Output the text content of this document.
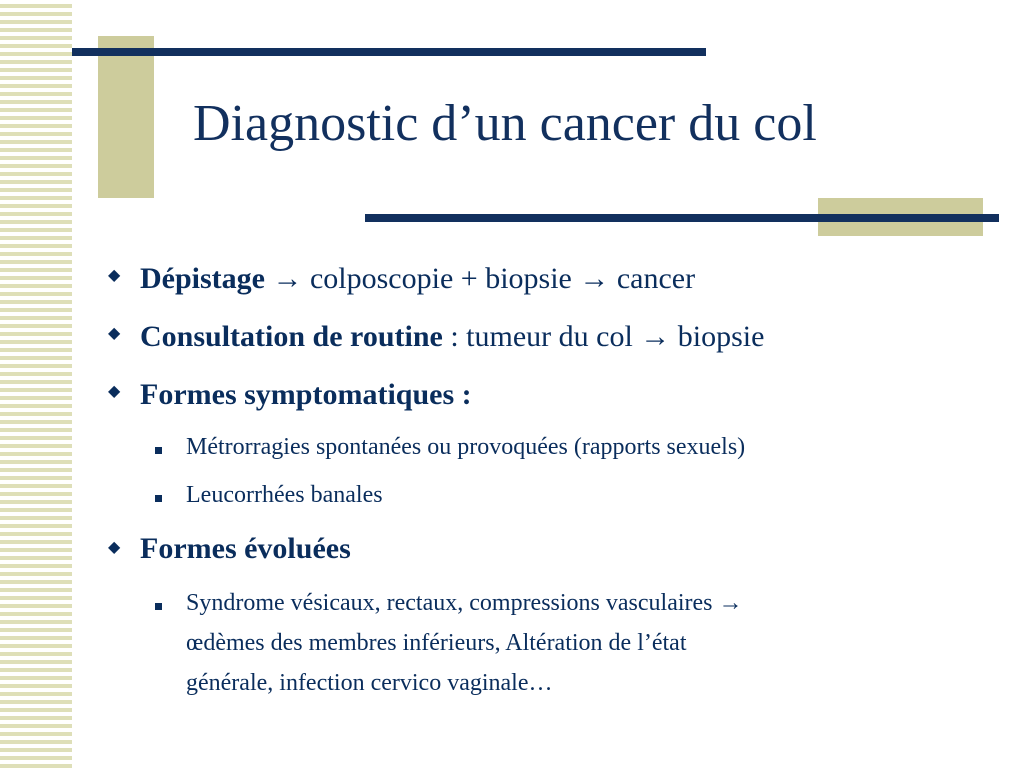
Diagnostic d’un cancer du col
◆ Dépistage → colposcopie + biopsie → cancer
◆ Consultation de routine : tumeur du col → biopsie
◆ Formes symptomatiques :
Métrorragies spontanées ou provoquées (rapports sexuels)
Leucorrhées banales
◆ Formes évoluées
Syndrome vésicaux, rectaux, compressions vasculaires →
œdèmes des membres inférieurs, Altération de l’état
générale, infection cervico vaginale…
